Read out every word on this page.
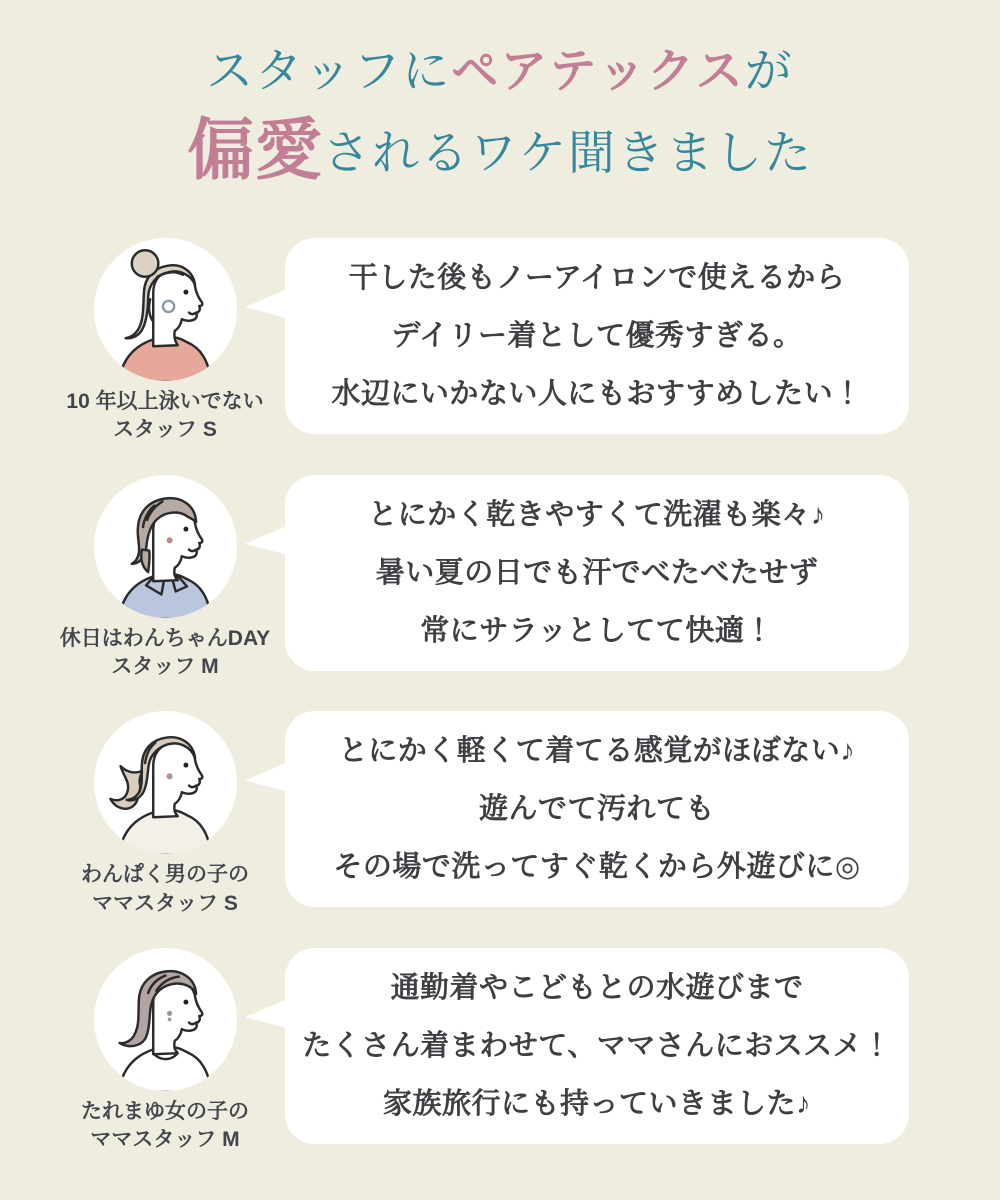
スタッフにペアテックスが
偏愛されるワケ聞きました
10 年以上泳いでない
スタッフ S
干した後もノーアイロンで使えるから
デイリー着として優秀すぎる。
水辺にいかない人にもおすすめしたい！
休日はわんちゃんDAY
スタッフ M
とにかく乾きやすくて洗濯も楽々♪
暑い夏の日でも汗でべたべたせず
常にサラッとしてて快適！
わんぱく男の子の
ママスタッフ S
とにかく軽くて着てる感覚がほぼない♪
遊んでて汚れても
その場で洗ってすぐ乾くから外遊びに◎
たれまゆ女の子の
ママスタッフ M
通勤着やこどもとの水遊びまで
たくさん着まわせて、ママさんにおススメ！
家族旅行にも持っていきました♪
